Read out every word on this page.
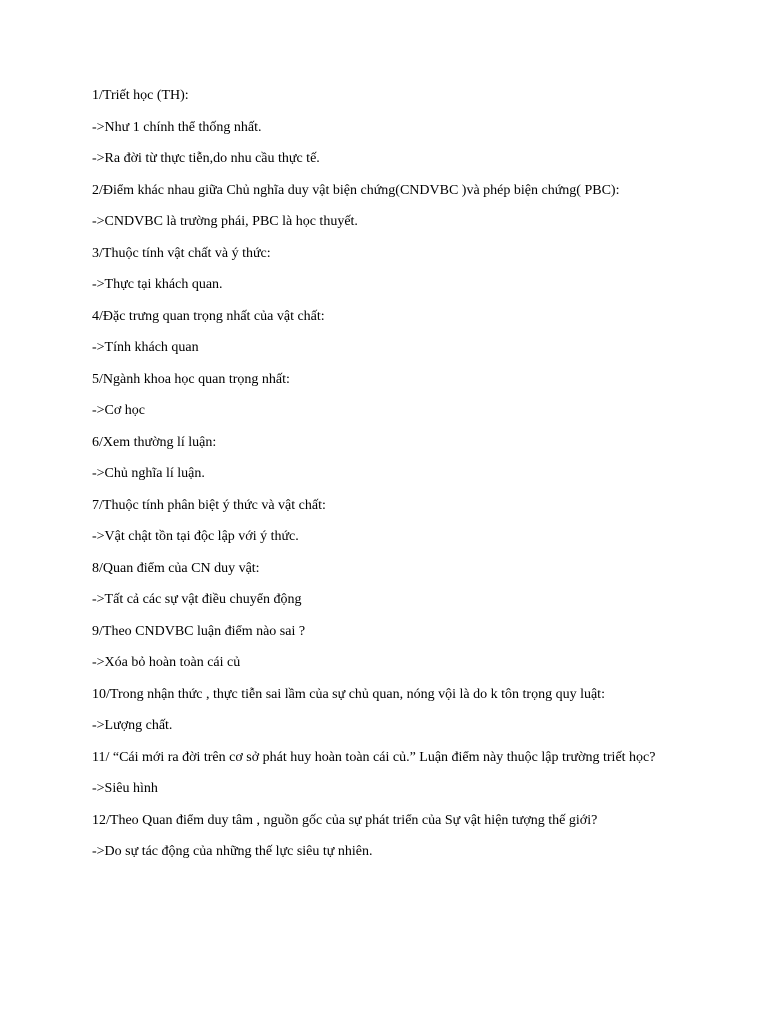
1/Triết học (TH):

->Như 1 chính thể thống nhất.

->Ra đời từ thực tiễn,do nhu cầu thực tế.

2/Điểm khác nhau giữa Chủ nghĩa duy vật biện chứng(CNDVBC )và phép biện chứng( PBC):

->CNDVBC là trường phái, PBC là học thuyết.

3/Thuộc tính vật chất và ý thức:

->Thực tại khách quan.

4/Đặc trưng quan trọng nhất của vật chất:

->Tính khách quan

5/Ngành khoa học quan trọng nhất:

->Cơ học

6/Xem thường lí luận:

->Chủ nghĩa lí luận.

7/Thuộc tính phân biệt ý thức và vật chất:

->Vật chật tồn tại độc lập với ý thức.

8/Quan điểm của CN duy vật:

->Tất cả các sự vật điều chuyển động

9/Theo CNDVBC luận điểm nào sai ?

->Xóa bỏ hoàn toàn cái củ

10/Trong nhận thức , thực tiễn sai lầm của sự chủ quan, nóng vội là do k tôn trọng quy luật:

->Lượng chất.

11/ “Cái mới ra đời trên cơ sở phát huy hoàn toàn cái củ.” Luận điểm này thuộc lập trường triết học?

->Siêu hình

12/Theo Quan điểm duy tâm , nguồn gốc của sự phát triển của Sự vật hiện tượng thế giới?

->Do sự tác động của những thế lực siêu tự nhiên.
